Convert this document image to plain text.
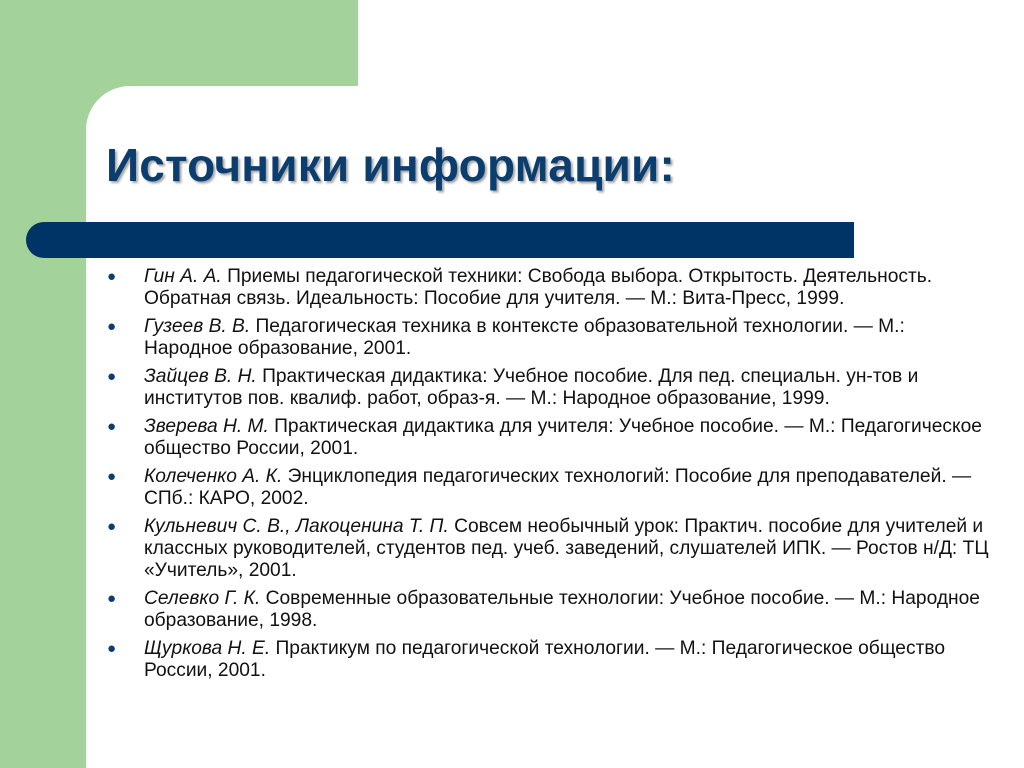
Источники информации:
● Гин А. А. Приемы педагогической техники: Свобода выбора. Открытость. Деятельность. Обратная связь. Идеальность: Пособие для учителя. — М.: Вита-Пресс, 1999.
● Гузеев В. В. Педагогическая техника в контексте образовательной технологии. — М.: Народное образование, 2001.
● Зайцев В. Н. Практическая дидактика: Учебное пособие. Для пед. специальн. ун-тов и институтов пов. квалиф. работ, образ-я. — М.: Народное образование, 1999.
● Зверева Н. М. Практическая дидактика для учителя: Учебное пособие. — М.: Педагогическое общество России, 2001.
● Колеченко А. К. Энциклопедия педагогических технологий: Пособие для преподавателей. — СПб.: КАРО, 2002.
● Кульневич С. В., Лакоценина Т. П. Совсем необычный урок: Практич. пособие для учителей и классных руководителей, студентов пед. учеб. заведений, слушателей ИПК. — Ростов н/Д: ТЦ «Учитель», 2001.
● Селевко Г. К. Современные образовательные технологии: Учебное пособие. — М.: Народное образование, 1998.
● Щуркова Н. Е. Практикум по педагогической технологии. — М.: Педагогическое общество России, 2001.
